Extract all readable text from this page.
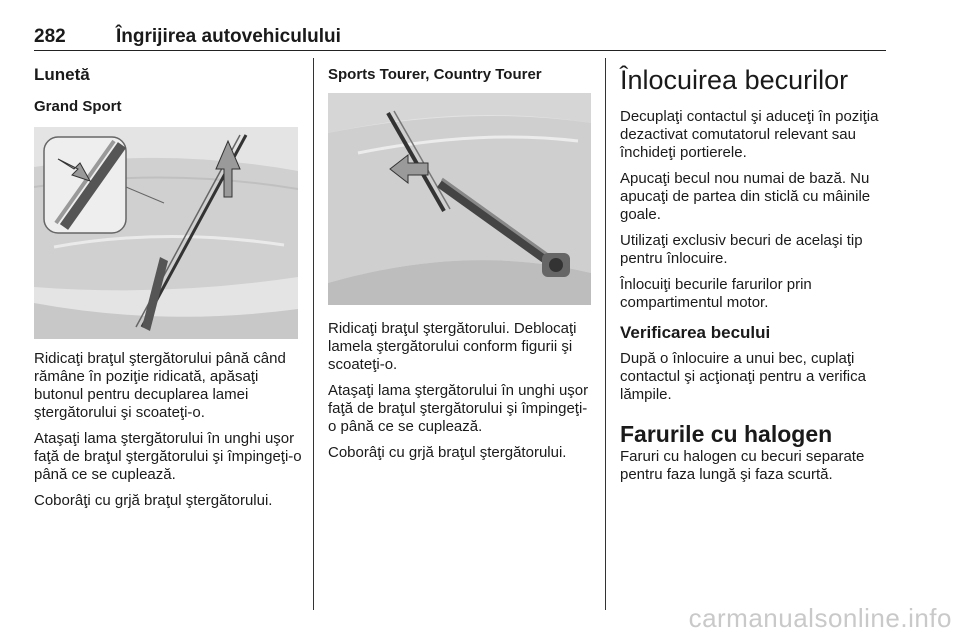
282	Îngrijirea autovehiculului
Lunetă
Grand Sport

Ridicaţi braţul ştergătorului până când rămâne în poziţie ridicată, apăsaţi butonul pentru decuplarea lamei ştergătorului şi scoateţi-o.

Ataşaţi lama ştergătorului în unghi uşor faţă de braţul ştergătorului şi împingeţi-o până ce se cuplează.

Coborâţi cu grjă braţul ştergătorului.

Sports Tourer, Country Tourer

Ridicaţi braţul ştergătorului. Deblocaţi lamela ştergătorului conform figurii şi scoateţi-o.

Ataşaţi lama ştergătorului în unghi uşor faţă de braţul ştergătorului şi împingeţi-o până ce se cuplează.

Coborâţi cu grjă braţul ştergătorului.

Înlocuirea becurilor

Decuplaţi contactul şi aduceţi în poziţia dezactivat comutatorul relevant sau închideţi portierele.

Apucaţi becul nou numai de bază. Nu apucaţi de partea din sticlă cu mâinile goale.

Utilizaţi exclusiv becuri de acelaşi tip pentru înlocuire.

Înlocuiţi becurile farurilor prin compartimentul motor.

Verificarea becului

După o înlocuire a unui bec, cuplaţi contactul şi acţionaţi pentru a verifica lămpile.

Farurile cu halogen

Faruri cu halogen cu becuri separate pentru faza lungă şi faza scurtă.

carmanualsonline.info
